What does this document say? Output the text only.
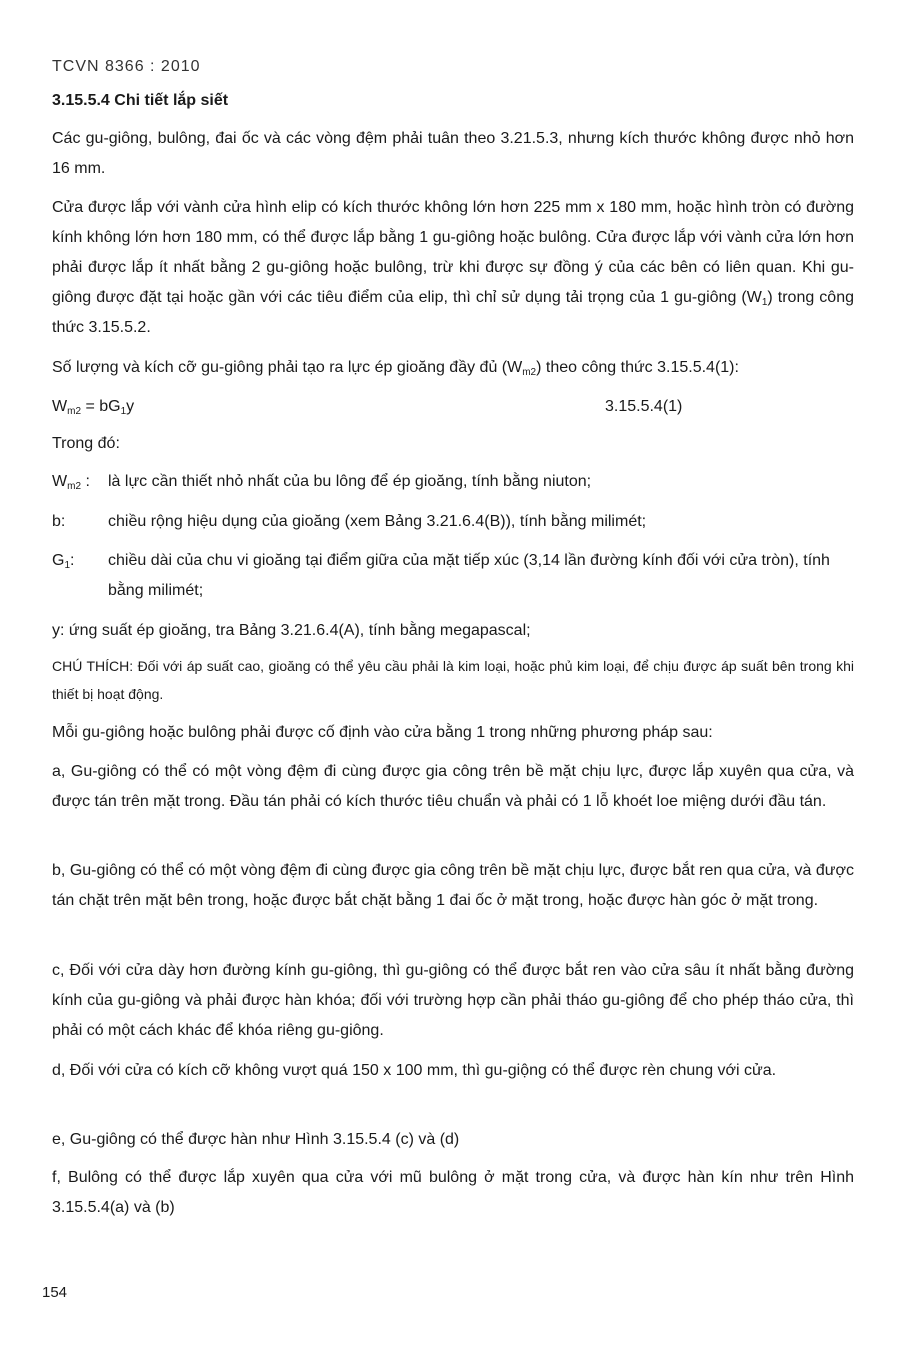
TCVN 8366 : 2010
3.15.5.4 Chi tiết lắp siết

Các gu-giông, bulông, đai ốc và các vòng đệm phải tuân theo 3.21.5.3, nhưng kích thước không được nhỏ hơn 16 mm.

Cửa được lắp với vành cửa hình elip có kích thước không lớn hơn 225 mm x 180 mm, hoặc hình tròn có đường kính không lớn hơn 180 mm, có thể được lắp bằng 1 gu-giông hoặc bulông. Cửa được lắp với vành cửa lớn hơn phải được lắp ít nhất bằng 2 gu-giông hoặc bulông, trừ khi được sự đồng ý của các bên có liên quan. Khi gu-giông được đặt tại hoặc gần với các tiêu điểm của elip, thì chỉ sử dụng tải trọng của 1 gu-giông $(W_1)$ trong công thức 3.15.5.2.

Số lượng và kích cỡ gu-giông phải tạo ra lực ép gioăng đầy đủ $(W_{m2})$ theo công thức 3.15.5.4(1):

$W_{m2} = bG_1y$	3.15.5.4(1)
Trong đó:
$W_{m2}$ : là lực cần thiết nhỏ nhất của bu lông để ép gioăng, tính bằng niuton;
b:	chiều rộng hiệu dụng của gioăng (xem Bảng 3.21.6.4(B)), tính bằng milimét;
$G_1$: chiều dài của chu vi gioăng tại điểm giữa của mặt tiếp xúc (3,14 lần đường kính đối với cửa tròn), tính bằng milimét;
y: ứng suất ép gioăng, tra Bảng 3.21.6.4(A), tính bằng megapascal;

CHÚ THÍCH: Đối với áp suất cao, gioăng có thể yêu cầu phải là kim loại, hoặc phủ kim loại, để chịu được áp suất bên trong khi thiết bị hoạt động.

Mỗi gu-giông hoặc bulông phải được cố định vào cửa bằng 1 trong những phương pháp sau:

a, Gu-giông có thể có một vòng đệm đi cùng được gia công trên bề mặt chịu lực, được lắp xuyên qua cửa, và được tán trên mặt trong. Đầu tán phải có kích thước tiêu chuẩn và phải có 1 lỗ khoét loe miệng dưới đầu tán.

b, Gu-giông có thể có một vòng đệm đi cùng được gia công trên bề mặt chịu lực, được bắt ren qua cửa, và được tán chặt trên mặt bên trong, hoặc được bắt chặt bằng 1 đai ốc ở mặt trong, hoặc được hàn góc ở mặt trong.

c, Đối với cửa dày hơn đường kính gu-giông, thì gu-giông có thể được bắt ren vào cửa sâu ít nhất bằng đường kính của gu-giông và phải được hàn khóa; đối với trường hợp cần phải tháo gu-giông để cho phép tháo cửa, thì phải có một cách khác để khóa riêng gu-giông.

d, Đối với cửa có kích cỡ không vượt quá 150 x 100 mm, thì gu-giộng có thể được rèn chung với cửa.

e, Gu-giông có thể được hàn như Hình 3.15.5.4 (c) và (d)

f, Bulông có thể được lắp xuyên qua cửa với mũ bulông ở mặt trong cửa, và được hàn kín như trên Hình 3.15.5.4(a) và (b)

154
